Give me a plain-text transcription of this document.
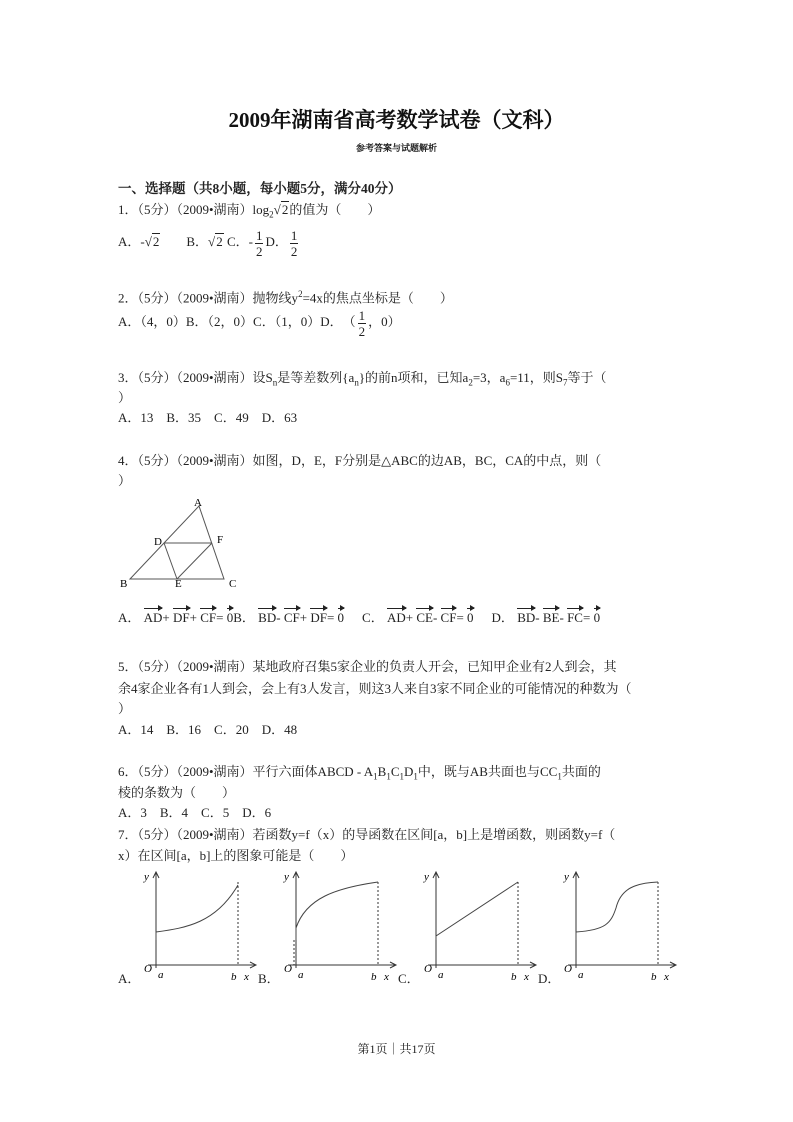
2009年湖南省高考数学试卷（文科）
参考答案与试题解析
一、选择题（共8小题，每小题5分，满分40分）
1．（5分）（2009•湖南）$\log_2√2$的值为（　　）
A．-√2　　 B．√2 C．- $\frac{1}{2}$ D． $\frac{1}{2}$
2．（5分）（2009•湖南）抛物线$y^2=4x$的焦点坐标是（　　）
A．（4，0）B．（2，0）C．（1，0）D．　 （ $\frac{1}{2}$ ，0）
3．（5分）（2009•湖南）设$S_n$是等差数列$\{a_n\}$的前n项和，已知$a_2=3$，$a_6=11$，则$S_7$等于（
）
A．13　B．35　C．49　D．63
4．（5分）（2009•湖南）如图，D，E，F分别是△ABC的边AB，BC，CA的中点，则（
）
A
B	C
D
E
F
A． AD+ DF+ CF= 0B． BD- CF+ DF= 0 C． AD+ CE- CF= 0 D． BD- BE- FC= 0
5．（5分）（2009•湖南）某地政府召集5家企业的负责人开会，已知甲企业有2人到会，其
余4家企业各有1人到会，会上有3人发言，则这3人来自3家不同企业的可能情况的种数为（
）
A．14　B．16　C．20　D．48
6．（5分）（2009•湖南）平行六面体ABCD - $A_1B_1C_1D_1$中，既与AB共面也与$CC_1$共面的
棱的条数为（　　）
A．3　B．4　C．5　D．6
7．（5分）（2009•湖南）若函数y=f（x）的导函数在区间[a，b]上是增函数，则函数y=f（
x）在区间[a，b]上的图象可能是（　　）
A．
y
O a	b x B．
y
O a	b x C．
y
O a	b x D．
y
O a	b x
第1页｜共17页
